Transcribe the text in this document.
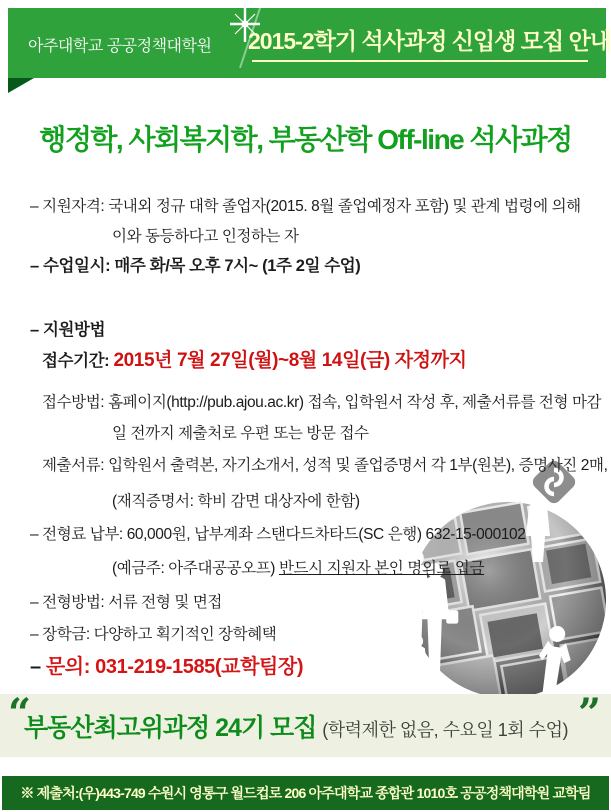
아주대학교 공공정책대학원 2015-2학기 석사과정 신입생 모집 안내
행정학, 사회복지학, 부동산학 Off-line 석사과정
– 지원자격: 국내외 정규 대학 졸업자(2015. 8월 졸업예정자 포함) 및 관계 법령에 의해
이와 동등하다고 인정하는 자
– 수업일시: 매주 화/목 오후 7시~ (1주 2일 수업)
– 지원방법
접수기간: 2015년 7월 27일(월)~8월 14일(금) 자정까지
접수방법: 홈페이지(http://pub.ajou.ac.kr) 접속, 입학원서 작성 후, 제출서류를 전형 마감
일 전까지 제출처로 우편 또는 방문 접수
제출서류: 입학원서 출력본, 자기소개서, 성적 및 졸업증명서 각 1부(원본), 증명사진 2매,
(재직증명서: 학비 감면 대상자에 한함)
– 전형료 납부: 60,000원, 납부계좌 스탠다드차타드(SC 은행) 632-15-000102
(예금주: 아주대공공오프) 반드시 지원자 본인 명의로 입금
– 전형방법: 서류 전형 및 면접
– 장학금: 다양하고 획기적인 장학혜택
– 문의: 031-219-1585(교학팀장)
“	”
부동산최고위과정 24기 모집 (학력제한 없음, 수요일 1회 수업)
※ 제출처:(우)443-749 수원시 영통구 월드컵로 206 아주대학교 종합관 1010호 공공정책대학원 교학팀
